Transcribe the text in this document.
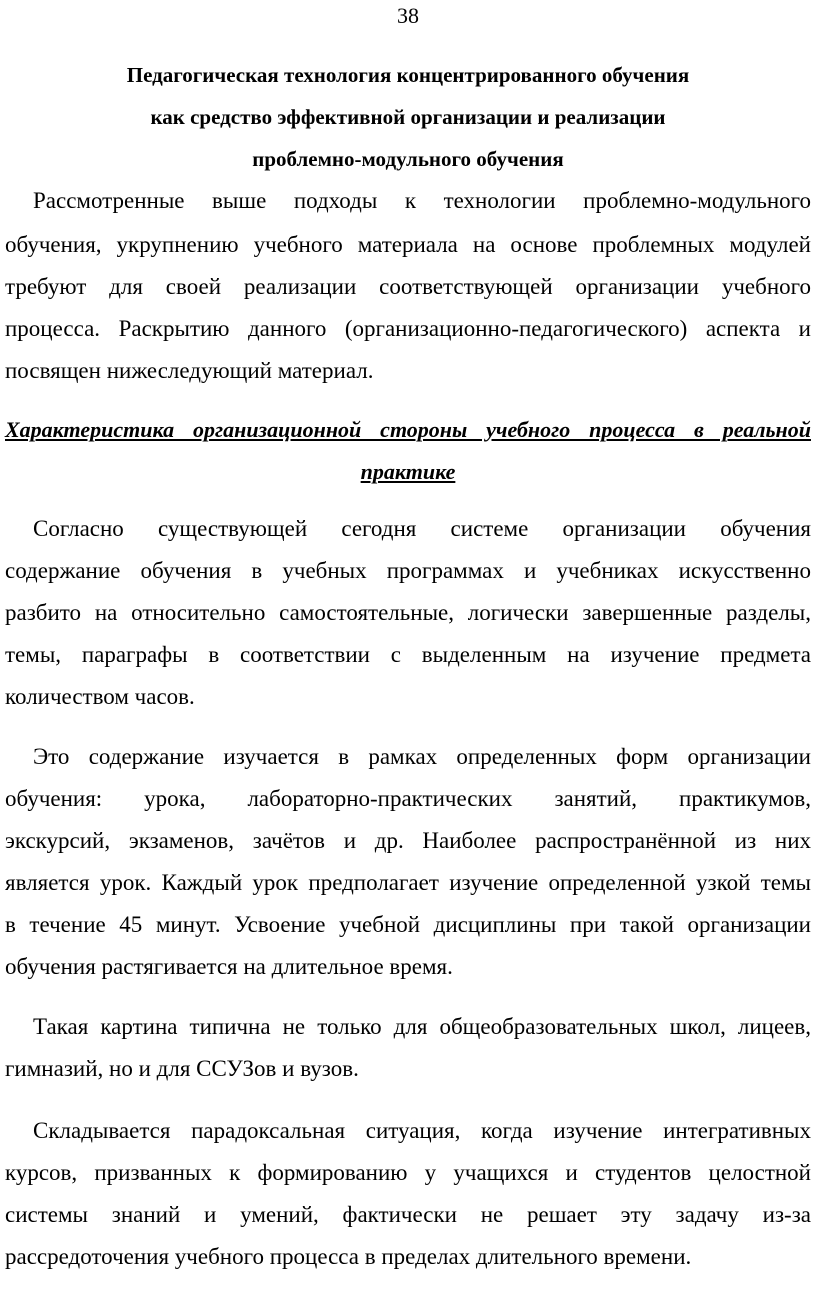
38
Педагогическая технология концентрированного обучения
как средство эффективной организации и реализации
проблемно-модульного обучения
Рассмотренные выше подходы к технологии проблемно-модульного
обучения, укрупнению учебного материала на основе проблемных модулей
требуют для своей реализации соответствующей организации учебного
процесса. Раскрытию данного (организационно-педагогического) аспекта и
посвящен нижеследующий материал.
Характеристика организационной стороны учебного процесса в реальной
практике
Согласно существующей сегодня системе организации обучения
содержание обучения в учебных программах и учебниках искусственно
разбито на относительно самостоятельные, логически завершенные разделы,
темы, параграфы в соответствии с выделенным на изучение предмета
количеством часов.
Это содержание изучается в рамках определенных форм организации
обучения: урока, лабораторно-практических занятий, практикумов,
экскурсий, экзаменов, зачётов и др. Наиболее распространённой из них
является урок. Каждый урок предполагает изучение определенной узкой темы
в течение 45 минут. Усвоение учебной дисциплины при такой организации
обучения растягивается на длительное время.
Такая картина типична не только для общеобразовательных школ, лицеев,
гимназий, но и для ССУЗов и вузов.
Складывается парадоксальная ситуация, когда изучение интегративных
курсов, призванных к формированию у учащихся и студентов целостной
системы знаний и умений, фактически не решает эту задачу из-за
рассредоточения учебного процесса в пределах длительного времени.
